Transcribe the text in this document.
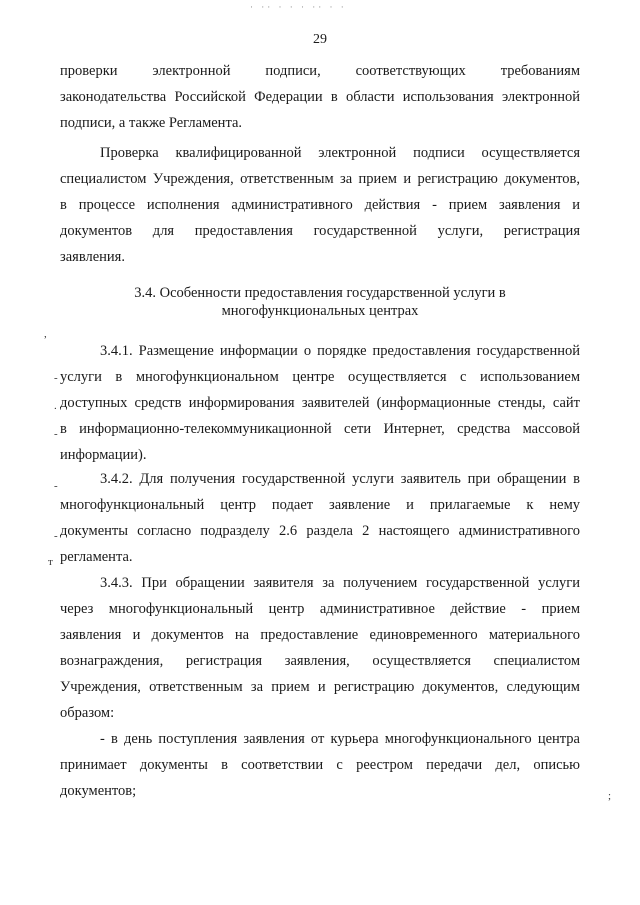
· ·· · · · ·· · ·
29
проверки электронной подписи, соответствующих требованиям
законодательства Российской Федерации в области использования электронной
подписи, а также Регламента.
Проверка квалифицированной электронной подписи осуществляется
специалистом Учреждения, ответственным за прием и регистрацию документов,
в процессе исполнения административного действия - прием заявления и
документов для предоставления государственной услуги, регистрация
заявления.
3.4. Особенности предоставления государственной услуги в
многофункциональных центрах
3.4.1. Размещение информации о порядке предоставления государственной
услуги в многофункциональном центре осуществляется с использованием
доступных средств информирования заявителей (информационные стенды, сайт
в информационно-телекоммуникационной сети Интернет, средства массовой
информации).
3.4.2. Для получения государственной услуги заявитель при обращении в
многофункциональный центр подает заявление и прилагаемые к нему
документы согласно подразделу 2.6 раздела 2 настоящего административного
регламента.
3.4.3. При обращении заявителя за получением государственной услуги
через многофункциональный центр административное действие - прием
заявления и документов на предоставление единовременного материального
вознаграждения, регистрация заявления, осуществляется специалистом
Учреждения, ответственным за прием и регистрацию документов, следующим
образом:
- в день поступления заявления от курьера многофункционального центра
принимает документы в соответствии с реестром передачи дел, описью
документов;
,
-
.
-
-
-
т
;
